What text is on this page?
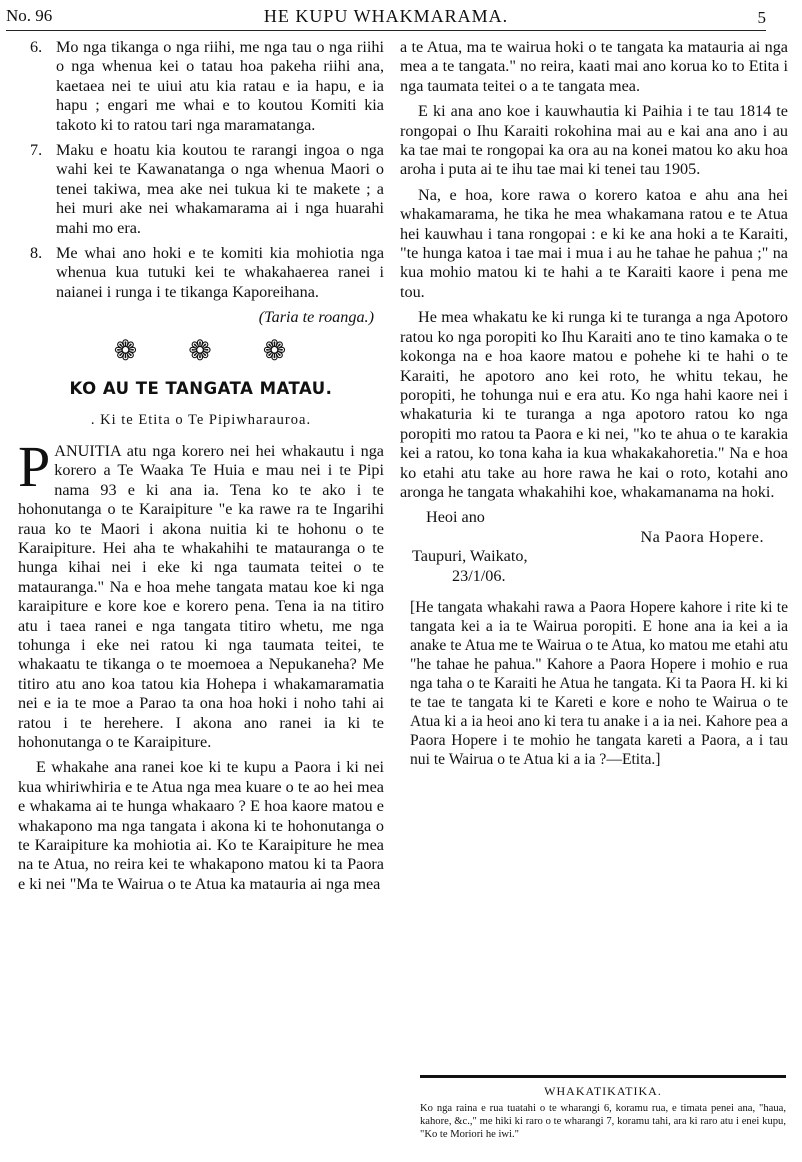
No. 96	HE KUPU WHAKMARAMA.	5
6. Mo nga tikanga o nga riihi, me nga tau o nga riihi o nga whenua kei o tatau hoa pakeha riihi ana, kaetaea nei te uiui atu kia ratau e ia hapu, e ia hapu ; engari me whai e to koutou Komiti kia takoto ki to ratou tari nga maramatanga.
7. Maku e hoatu kia koutou te rarangi ingoa o nga wahi kei te Kawanatanga o nga whenua Maori o tenei takiwa, mea ake nei tukua ki te makete ; a hei muri ake nei whakamarama ai i nga huarahi mahi mo era.
8. Me whai ano hoki e te komiti kia mohiotia nga whenua kua tutuki kei te whakahaerea ranei i naianei i runga i te tikanga Kaporeihana.
(Taria te roanga.)
❁ ❁ ❁
KO AU TE TANGATA MATAU.
. Ki te Etita o Te Pipiwharauroa.

PANUITIA atu nga korero nei hei whakautu i nga korero a Te Waaka Te Huia e mau nei i te Pipi nama 93 e ki ana ia. Tena ko te ako i te hohonutanga o te Karaipiture "e ka rawe ra te Ingarihi raua ko te Maori i akona nuitia ki te hohonu o te Karaipiture. Hei aha te whakahihi te matauranga o te hunga kihai nei i eke ki nga taumata teitei o te matauranga." Na e hoa mehe tangata matau koe ki nga karaipiture e kore koe e korero pena. Tena ia na titiro atu i taea ranei e nga tangata titiro whetu, me nga tohunga i eke nei ratou ki nga taumata teitei, te whakaatu te tikanga o te moemoea a Nepukaneha? Me titiro atu ano koa tatou kia Hohepa i whakamaramatia nei e ia te moe a Parao ta ona hoa hoki i noho tahi ai ratou i te herehere. I akona ano ranei ia ki te hohonutanga o te Karaipiture.

E whakahe ana ranei koe ki te kupu a Paora i ki nei kua whiriwhiria e te Atua nga mea kuare o te ao hei mea e whakama ai te hunga whakaaro ? E hoa kaore matou e whakapono ma nga tangata i akona ki te hohonutanga o te Karaipiture ka mohiotia ai. Ko te Karaipiture he mea na te Atua, no reira kei te whakapono matou ki ta Paora e ki nei "Ma te Wairua o te Atua ka matauria ai nga mea

a te Atua, ma te wairua hoki o te tangata ka matauria ai nga mea a te tangata." no reira, kaati mai ano korua ko to Etita i nga taumata teitei o a te tangata mea.

E ki ana ano koe i kauwhautia ki Paihia i te tau 1814 te rongopai o Ihu Karaiti rokohina mai au e kai ana ano i au ka tae mai te rongopai ka ora au na konei matou ko aku hoa aroha i puta ai te ihu tae mai ki tenei tau 1905.

Na, e hoa, kore rawa o korero katoa e ahu ana hei whakamarama, he tika he mea whakamana ratou e te Atua hei kauwhau i tana rongopai : e ki ke ana hoki a te Karaiti, "te hunga katoa i tae mai i mua i au he tahae he pahua ;" na kua mohio matou ki te hahi a te Karaiti kaore i pena me tou.

He mea whakatu ke ki runga ki te turanga a nga Apotoro ratou ko nga poropiti ko Ihu Karaiti ano te tino kamaka o te kokonga na e hoa kaore matou e pohehe ki te hahi o te Karaiti, he apotoro ano kei roto, he whitu tekau, he poropiti, he tohunga nui e era atu. Ko nga hahi kaore nei i whakaturia ki te turanga a nga apotoro ratou ko nga poropiti mo ratou ta Paora e ki nei, "ko te ahua o te karakia kei a ratou, ko tona kaha ia kua whakakahoretia." Na e hoa ko etahi atu take au hore rawa he kai o roto, kotahi ano aronga he tangata whakahihi koe, whakamanama na hoki.

Heoi ano
Na Paora Hopere.
Taupuri, Waikato,
23/1/06.
[He tangata whakahi rawa a Paora Hopere kahore i rite ki te tangata kei a ia te Wairua poropiti. E hone ana ia kei a ia anake te Atua me te Wairua o te Atua, ko matou me etahi atu "he tahae he pahua." Kahore a Paora Hopere i mohio e rua nga taha o te Karaiti he Atua he tangata. Ki ta Paora H. ki ki te tae te tangata ki te Kareti e kore e noho te Wairua o te Atua ki a ia heoi ano ki tera tu anake i a ia nei. Kahore pea a Paora Hopere i te mohio he tangata kareti a Paora, a i tau nui te Wairua o te Atua ki a ia ?—Etita.]
WHAKATIKATIKA.
Ko nga raina e rua tuatahi o te wharangi 6, koramu rua, e timata penei ana, "haua, kahore, &c.," me hiki ki raro o te wharangi 7, koramu tahi, ara ki raro atu i enei kupu, "Ko te Moriori he iwi."
